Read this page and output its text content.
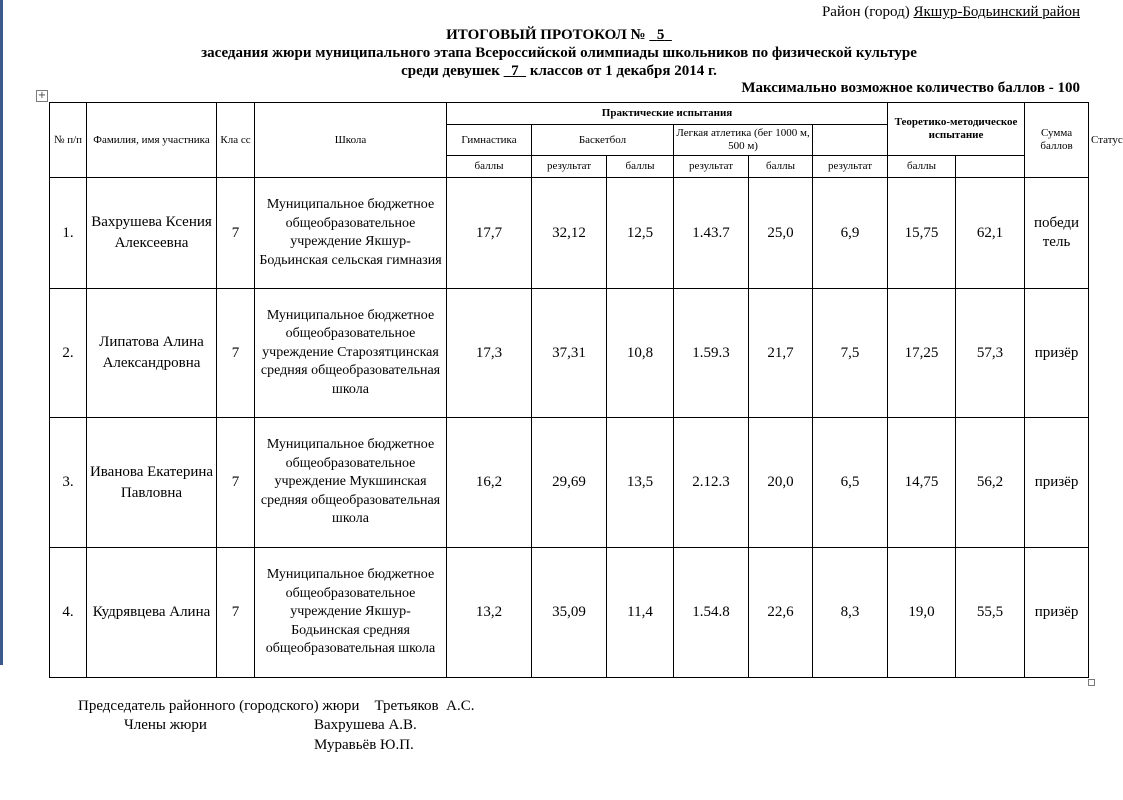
Район (город) Якшур-Бодьинский район
ИТОГОВЫЙ ПРОТОКОЛ № 5
заседания жюри муниципального этапа Всероссийской олимпиады школьников по физической культуре
среди девушек 7 классов от 1 декабря 2014 г.
Максимально возможное количество баллов - 100
+
№ п/п	Фамилия, имя участника	Кла сс	Школа	Практические испытания						Теоретико-методическое испытание		Сумма баллов	Статус
				Гимнастика	Баскетбол		Легкая атлетика (бег 1000 м, 500 м)						
				баллы	результат	баллы	результат	баллы	результат	баллы			
1.	Вахрушева Ксения Алексеевна	7	Муниципальное бюджетное общеобразовательное учреждение Якшур-Бодьинская сельская гимназия	17,7	32,12	12,5	1.43.7	25,0	6,9	15,75	62,1	победи тель	
2.	Липатова Алина Александровна	7	Муниципальное бюджетное общеобразовательное учреждение Старозятцинская средняя общеобразовательная школа	17,3	37,31	10,8	1.59.3	21,7	7,5	17,25	57,3	призёр	
3.	Иванова Екатерина Павловна	7	Муниципальное бюджетное общеобразовательное учреждение Мукшинская средняя общеобразовательная школа	16,2	29,69	13,5	2.12.3	20,0	6,5	14,75	56,2	призёр	
4.	Кудрявцева Алина	7	Муниципальное бюджетное общеобразовательное учреждение Якшур-Бодьинская средняя общеобразовательная школа	13,2	35,09	11,4	1.54.8	22,6	8,3	19,0	55,5	призёр	
Председатель районного (городского) жюри    Третьяков  А.С.
Члены жюри	Вахрушева А.В.
Муравьёв Ю.П.
